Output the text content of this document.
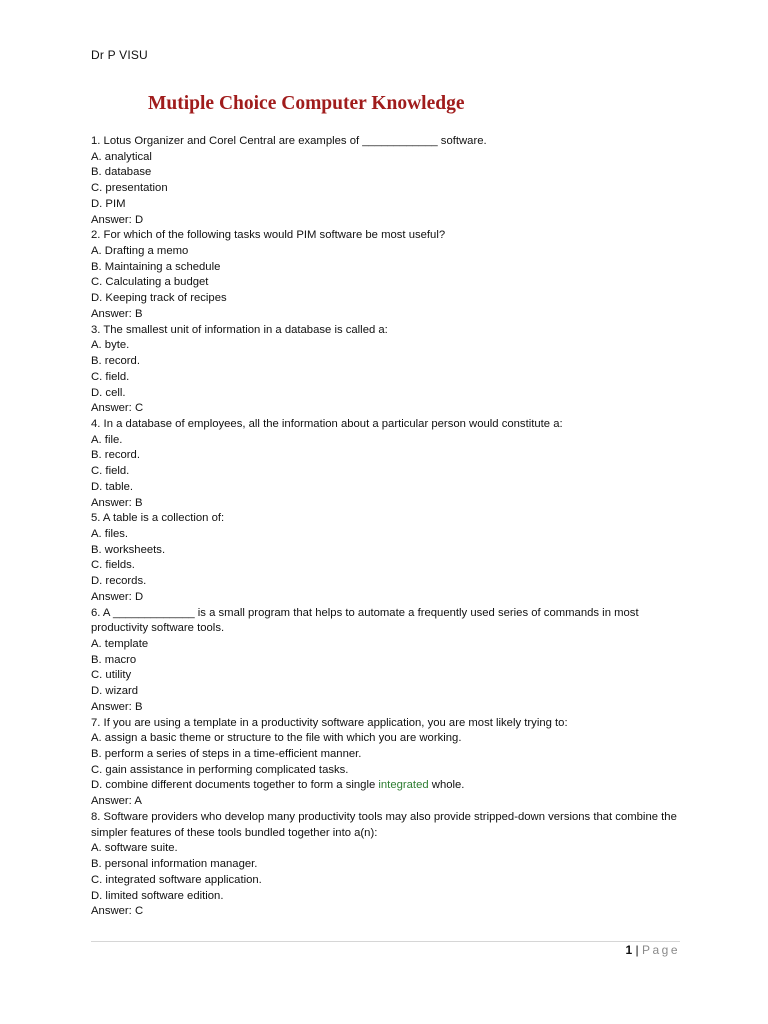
Dr P VISU
Mutiple Choice Computer Knowledge
1. Lotus Organizer and Corel Central are examples of ____________ software.
A. analytical
B. database
C. presentation
D. PIM
Answer: D
2. For which of the following tasks would PIM software be most useful?
A. Drafting a memo
B. Maintaining a schedule
C. Calculating a budget
D. Keeping track of recipes
Answer: B
3. The smallest unit of information in a database is called a:
A. byte.
B. record.
C. field.
D. cell.
Answer: C
4. In a database of employees, all the information about a particular person would constitute a:
A. file.
B. record.
C. field.
D. table.
Answer: B
5. A table is a collection of:
A. files.
B. worksheets.
C. fields.
D. records.
Answer: D
6. A _____________ is a small program that helps to automate a frequently used series of commands in most productivity software tools.
A. template
B. macro
C. utility
D. wizard
Answer: B
7. If you are using a template in a productivity software application, you are most likely trying to:
A. assign a basic theme or structure to the file with which you are working.
B. perform a series of steps in a time-efficient manner.
C. gain assistance in performing complicated tasks.
D. combine different documents together to form a single integrated whole.
Answer: A
8. Software providers who develop many productivity tools may also provide stripped-down versions that combine the simpler features of these tools bundled together into a(n):
A. software suite.
B. personal information manager.
C. integrated software application.
D. limited software edition.
Answer: C
1 | Page
